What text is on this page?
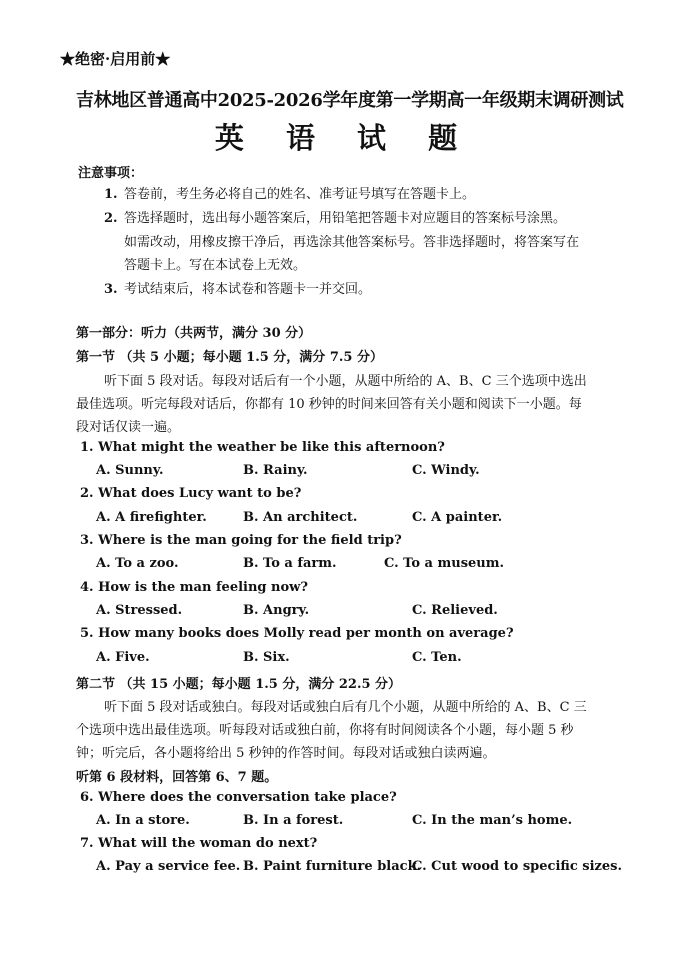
★绝密·启用前★
吉林地区普通高中2025-2026学年度第一学期高一年级期末调研测试
英 语 试 题
注意事项：
1. 答卷前，考生务必将自己的姓名、准考证号填写在答题卡上。
2. 答选择题时，选出每小题答案后，用铅笔把答题卡对应题目的答案标号涂黑。
如需改动，用橡皮擦干净后，再选涂其他答案标号。答非选择题时，将答案写在
答题卡上。写在本试卷上无效。
3. 考试结束后，将本试卷和答题卡一并交回。
第一部分：听力（共两节，满分 30 分）
第一节 （共 5 小题；每小题 1.5 分，满分 7.5 分）
听下面 5 段对话。每段对话后有一个小题，从题中所给的 A、B、C 三个选项中选出
最佳选项。听完每段对话后，你都有 10 秒钟的时间来回答有关小题和阅读下一小题。每
段对话仅读一遍。
1. What might the weather be like this afternoon?
A. Sunny.	B. Rainy.	C. Windy.
2. What does Lucy want to be?
A. A firefighter.	B. An architect.	C. A painter.
3. Where is the man going for the field trip?
A. To a zoo.	B. To a farm.	C. To a museum.
4. How is the man feeling now?
A. Stressed.	B. Angry.	C. Relieved.
5. How many books does Molly read per month on average?
A. Five.	B. Six.	C. Ten.
第二节 （共 15 小题；每小题 1.5 分，满分 22.5 分）
听下面 5 段对话或独白。每段对话或独白后有几个小题，从题中所给的 A、B、C 三
个选项中选出最佳选项。听每段对话或独白前，你将有时间阅读各个小题，每小题 5 秒
钟；听完后，各小题将给出 5 秒钟的作答时间。每段对话或独白读两遍。
听第 6 段材料，回答第 6、7 题。
6. Where does the conversation take place?
A. In a store.	B. In a forest.	C. In the man’s home.
7. What will the woman do next?
A. Pay a service fee. B. Paint furniture black.
C. Cut wood to specific sizes.
